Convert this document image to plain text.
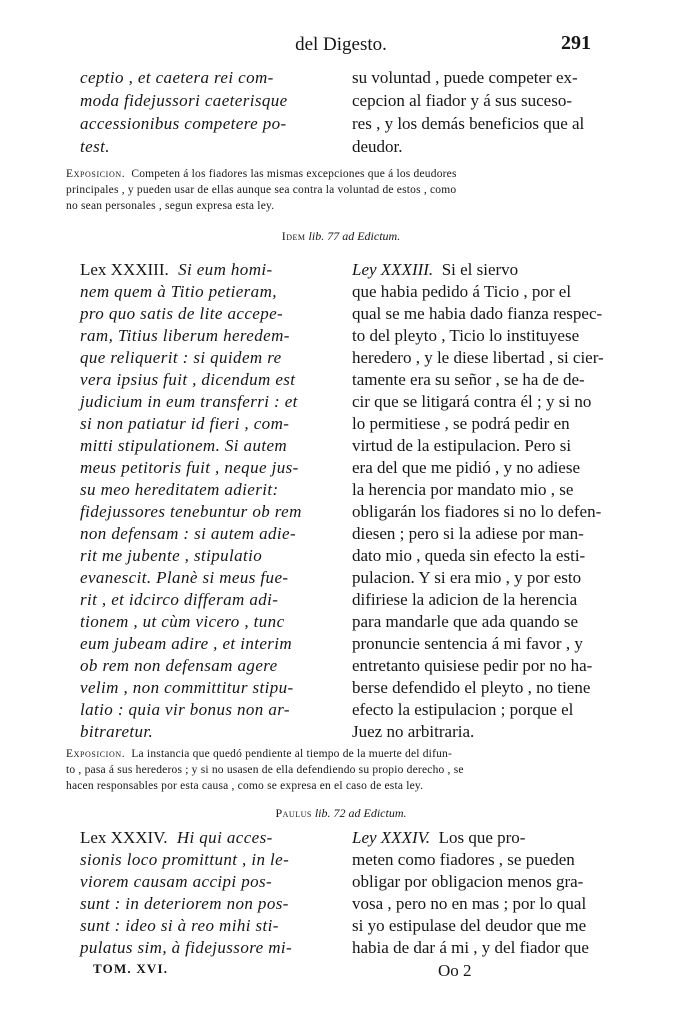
del Digesto.	291
ceptio , et caetera rei com-
moda fidejussori caeterisque
accessionibus competere po-
test.
su voluntad , puede competer ex-
cepcion al fiador y á sus suceso-
res , y los demás beneficios que al
deudor.
Exposicion. Competen á los fiadores las mismas excepciones que á los deudores
principales , y pueden usar de ellas aunque sea contra la voluntad de estos , como
no sean personales , segun expresa esta ley.
Idem lib. 77 ad Edictum.
Lex XXXIII. Si eum homi-
nem quem à Titio petieram,
pro quo satis de lite accepe-
ram, Titius liberum heredem-
que reliquerit : si quidem re
vera ipsius fuit , dicendum est
judicium in eum transferri : et
si non patiatur id fieri , com-
mitti stipulationem. Si autem
meus petitoris fuit , neque jus-
su meo hereditatem adierit:
fidejussores tenebuntur ob rem
non defensam : si autem adie-
rit me jubente , stipulatio
evanescit. Planè si meus fue-
rit , et idcirco differam adi-
tionem , ut cùm vicero , tunc
eum jubeam adire , et interim
ob rem non defensam agere
velim , non committitur stipu-
latio : quia vir bonus non ar-
bitraretur.
Ley XXXIII. Si el siervo
que habia pedido á Ticio , por el
qual se me habia dado fianza respec-
to del pleyto , Ticio lo instituyese
heredero , y le diese libertad , si cier-
tamente era su señor , se ha de de-
cir que se litigará contra él ; y si no
lo permitiese , se podrá pedir en
virtud de la estipulacion. Pero si
era del que me pidió , y no adiese
la herencia por mandato mio , se
obligarán los fiadores si no lo defen-
diesen ; pero si la adiese por man-
dato mio , queda sin efecto la esti-
pulacion. Y si era mio , y por esto
difiriese la adicion de la herencia
para mandarle que ada quando se
pronuncie sentencia á mi favor , y
entretanto quisiese pedir por no ha-
berse defendido el pleyto , no tiene
efecto la estipulacion ; porque el
Juez no arbitraria.
Exposicion. La instancia que quedó pendiente al tiempo de la muerte del difun-
to , pasa á sus herederos ; y si no usasen de ella defendiendo su propio derecho , se
hacen responsables por esta causa , como se expresa en el caso de esta ley.
Paulus lib. 72 ad Edictum.
Lex XXXIV. Hi qui acces-
sionis loco promittunt , in le-
viorem causam accipi pos-
sunt : in deteriorem non pos-
sunt : ideo si à reo mihi sti-
pulatus sim, à fidejussore mi-
Ley XXXIV. Los que pro-
meten como fiadores , se pueden
obligar por obligacion menos gra-
vosa , pero no en mas ; por lo qual
si yo estipulase del deudor que me
habia de dar á mi , y del fiador que
TOM. XVI.	Oo 2
